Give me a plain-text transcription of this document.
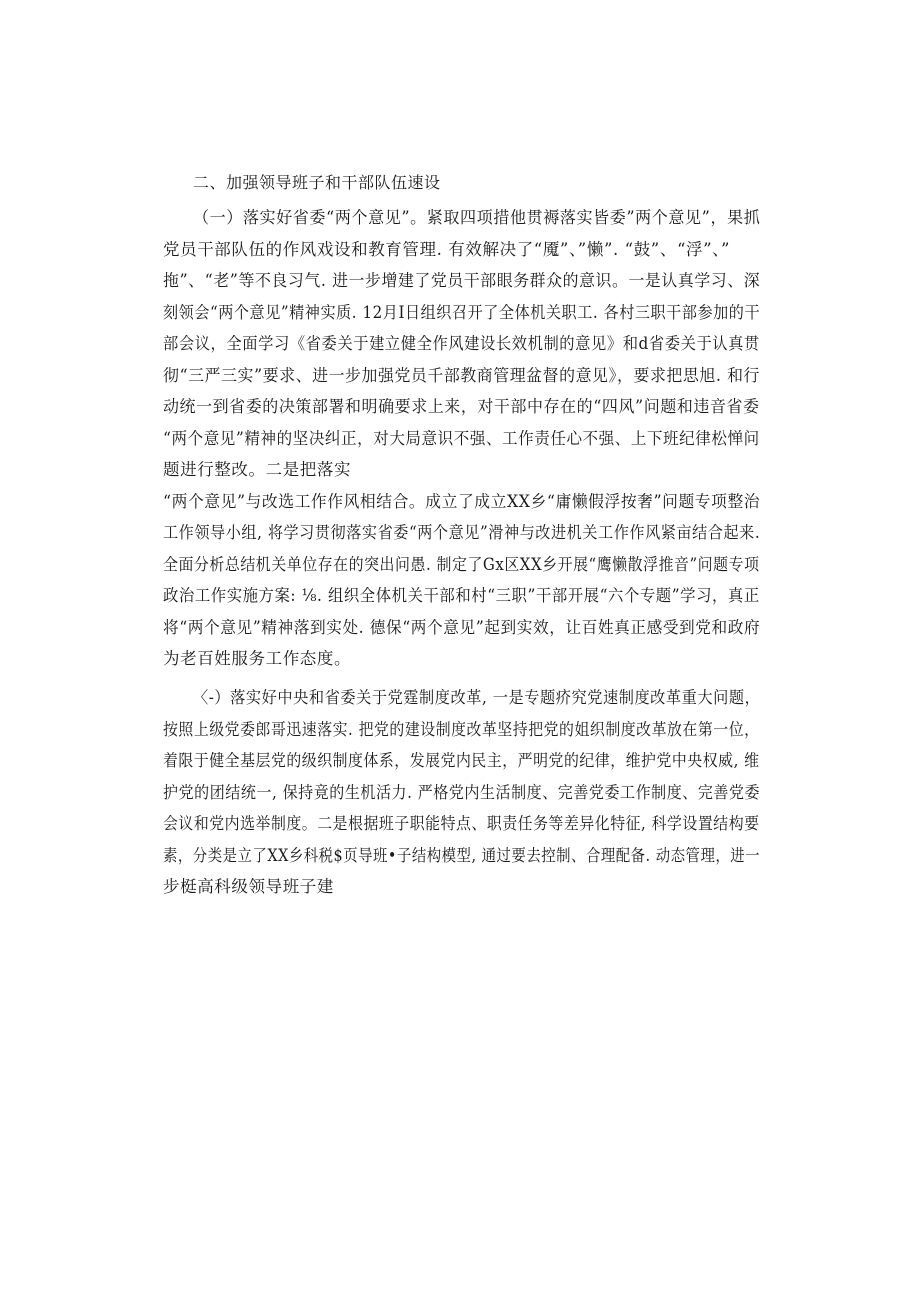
二、加强领导班子和干部队伍速设
（一）落实好省委“两个意见”。紧取四项措他贯褥落实皆委”两个意见”，果抓
党员干部队伍的作风戏设和教育管理. 有效解决了“魇”、”懒”. “鼓”、“浮”、”
拖”、“老”等不良习气. 进一步增建了党员干部眼务群众的意识。一是认真学习、深
刻领会“两个意见”精神实质. 12月I日组织召开了全体机关职工. 各村三职干部参加的干
部会议，全面学习《省委关于建立健全作风建设长效机制的意见》和d省委关于认真贯
彻“三严三实”要求、进一步加强党员千部教商管理盆督的意见》，要求把思旭. 和行
动统一到省委的决策部署和明确要求上来，对干部中存在的“四风”问题和违音省委
“两个意见”精神的坚决纠正，对大局意识不强、工作责任心不强、上下班纪律松惮问
题进行整改。二是把落实
“两个意见”与改选工作作风相结合。成立了成立XX乡“庸懒假浮按奢”问题专项整治
工作领导小组, 将学习贯彻落实省委“两个意见”滑神与改进机关工作作风紧亩结合起来.
全面分析总结机关单位存在的突出问愚. 制定了Gx区XX乡开展“鹰懒散浮推音”问题专项
政治工作实施方案: ⅛. 组织全体机关干部和村“三职”干部开展“六个专题”学习，真正
将“两个意见”精神落到实处. 德保“两个意见”起到实效，让百姓真正感受到党和政府
为老百姓服务工作态度。
〈-）落实好中央和省委关于党霆制度改革, 一是专题疥究党速制度改革重大问题，
按照上级党委郎哥迅速落实. 把党的建设制度改革坚持把党的姐织制度改革放在第一位，
着限于健全基层党的级织制度体系，发展党内民主，严明党的纪律，维护党中央权威, 维
护党的团结统一, 保持竟的生机活力. 严格党内生活制度、完善党委工作制度、完善党委
会议和党内选举制度。二是根据班子职能特点、职责任务等差异化特征, 科学设置结构要
素，分类是立了XX乡科税$页导班•子结构模型, 通过要去控制、合理配备. 动态管理，进一
步梃高科级领导班子建
